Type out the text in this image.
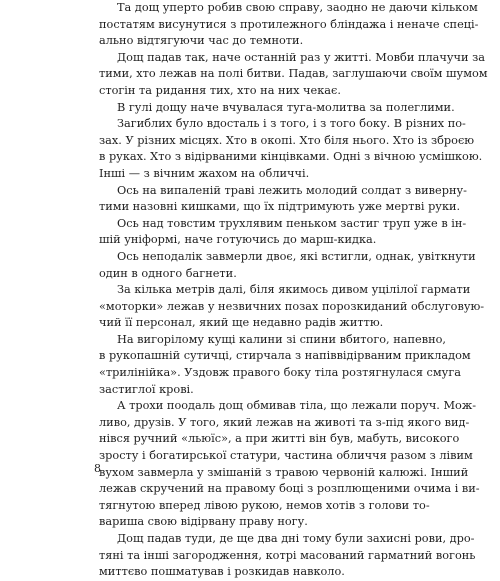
Та дощ уперто робив свою справу, заодно не даючи кільком
постатям висунутися з протилежного бліндажа і неначе спеці-
ально відтягуючи час до темноти.
Дощ падав так, наче останній раз у житті. Мовби плачучи за
тими, хто лежав на полі битви. Падав, заглушаючи своїм шумом
стогін та ридання тих, хто на них чекає.
В гулі дощу наче вчувалася туга-молитва за полеглими.
Загиблих було вдосталь і з того, і з того боку. В різних по-
зах. У різних місцях. Хто в окопі. Хто біля нього. Хто із зброєю
в руках. Хто з відірваними кінцівками. Одні з вічною усмішкою.
Інші — з вічним жахом на обличчі.
Ось на випаленій траві лежить молодий солдат з виверну-
тими назовні кишками, що їх підтримують уже мертві руки.
Ось над товстим трухлявим пеньком застиг труп уже в ін-
шій уніформі, наче готуючись до марш-кидка.
Ось неподалік завмерли двоє, які встигли, однак, увіткнути
один в одного багнети.
За кілька метрів далі, біля якимось дивом уцілілої гармати
«моторки» лежав у незвичних позах порозкиданий обслуговую-
чий її персонал, який ще недавно радів життю.
На вигорілому кущі калини зі спини вбитого, напевно,
в рукопашній сутичці, стирчала з напіввідірваним прикладом
«трилінійка». Уздовж правого боку тіла розтягнулася смуга
застиглої крові.
А трохи поодаль дощ обмивав тіла, що лежали поруч. Мож-
ливо, друзів. У того, який лежав на животі та з-під якого вид-
нівся ручний «льюїс», а при житті він був, мабуть, високого
зросту і богатирської статури, частина обличчя разом з лівим
вухом завмерла у змішаній з травою червоній калюжі. Інший
лежав скручений на правому боці з розплющеними очима і ви-
тягнутою вперед лівою рукою, немов хотів з голови то-
вариша свою відірвану праву ногу.
Дощ падав туди, де ще два дні тому були захисні рови, дро-
тяні та інші загородження, котрі масований гарматний вогонь
миттєво пошматував і розкидав навколо.
8
